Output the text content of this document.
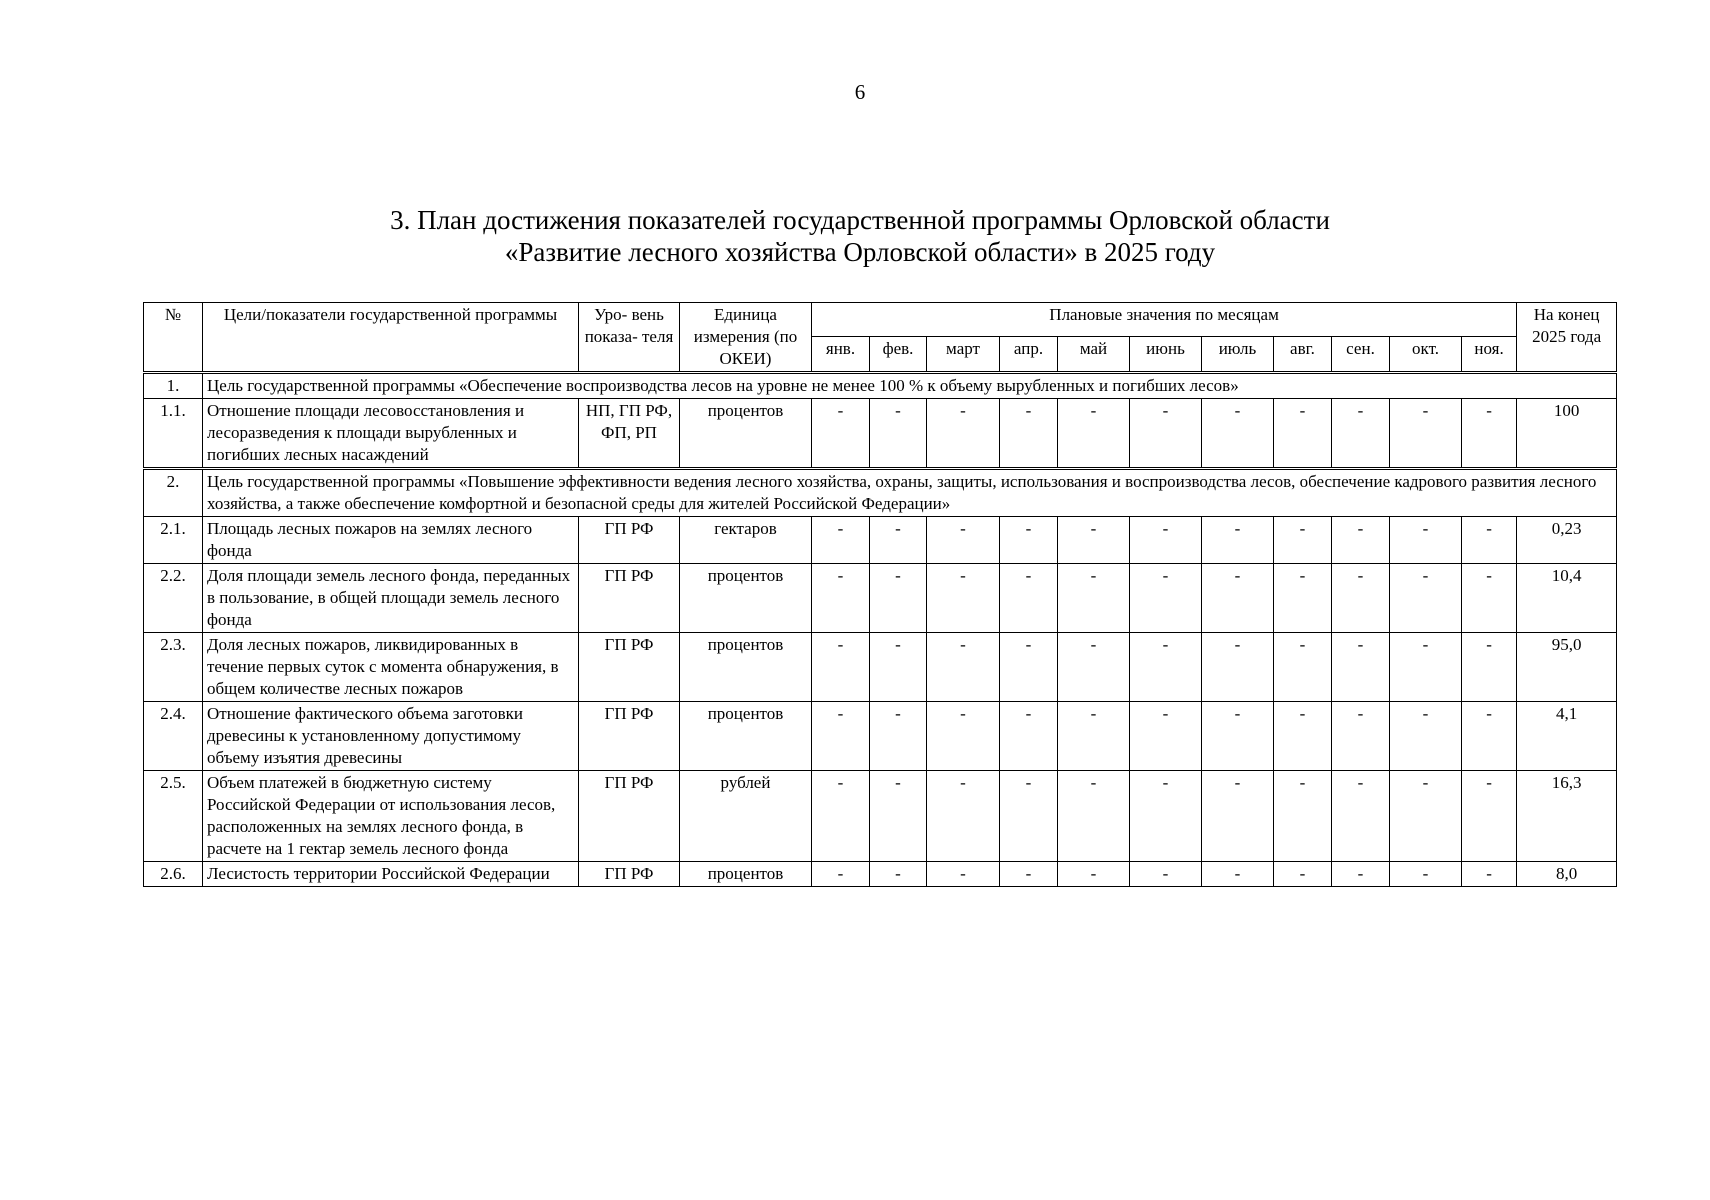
6
3. План достижения показателей государственной программы Орловской области
«Развитие лесного хозяйства Орловской области» в 2025 году
№	Цели/показатели государственной программы	Уро- вень показа- теля	Единица измерения (по ОКЕИ)	Плановые значения по месяцам											На конец 2025 года
				янв.	фев.	март	апр.	май	июнь	июль	авг.	сен.	окт.	ноя.	
1.	Цель государственной программы «Обеспечение воспроизводства лесов на уровне не менее 100 % к объему вырубленных и погибших лесов»														
1.1.	Отношение площади лесовосстановления и лесоразведения к площади вырубленных и погибших лесных насаждений	НП, ГП РФ, ФП, РП	процентов	-	-	-	-	-	-	-	-	-	-	-	100
2.	Цель государственной программы «Повышение эффективности ведения лесного хозяйства, охраны, защиты, использования и воспроизводства лесов, обеспечение кадрового развития лесного хозяйства, а также обеспечение комфортной и безопасной среды для жителей Российской Федерации»														
2.1.	Площадь лесных пожаров на землях лесного фонда	ГП РФ	гектаров	-	-	-	-	-	-	-	-	-	-	-	0,23
2.2.	Доля площади земель лесного фонда, переданных в пользование, в общей площади земель лесного фонда	ГП РФ	процентов	-	-	-	-	-	-	-	-	-	-	-	10,4
2.3.	Доля лесных пожаров, ликвидированных в течение первых суток с момента обнаружения, в общем количестве лесных пожаров	ГП РФ	процентов	-	-	-	-	-	-	-	-	-	-	-	95,0
2.4.	Отношение фактического объема заготовки древесины к установленному допустимому объему изъятия древесины	ГП РФ	процентов	-	-	-	-	-	-	-	-	-	-	-	4,1
2.5.	Объем платежей в бюджетную систему Российской Федерации от использования лесов, расположенных на землях лесного фонда, в расчете на 1 гектар земель лесного фонда	ГП РФ	рублей	-	-	-	-	-	-	-	-	-	-	-	16,3
2.6.	Лесистость территории Российской Федерации	ГП РФ	процентов	-	-	-	-	-	-	-	-	-	-	-	8,0
